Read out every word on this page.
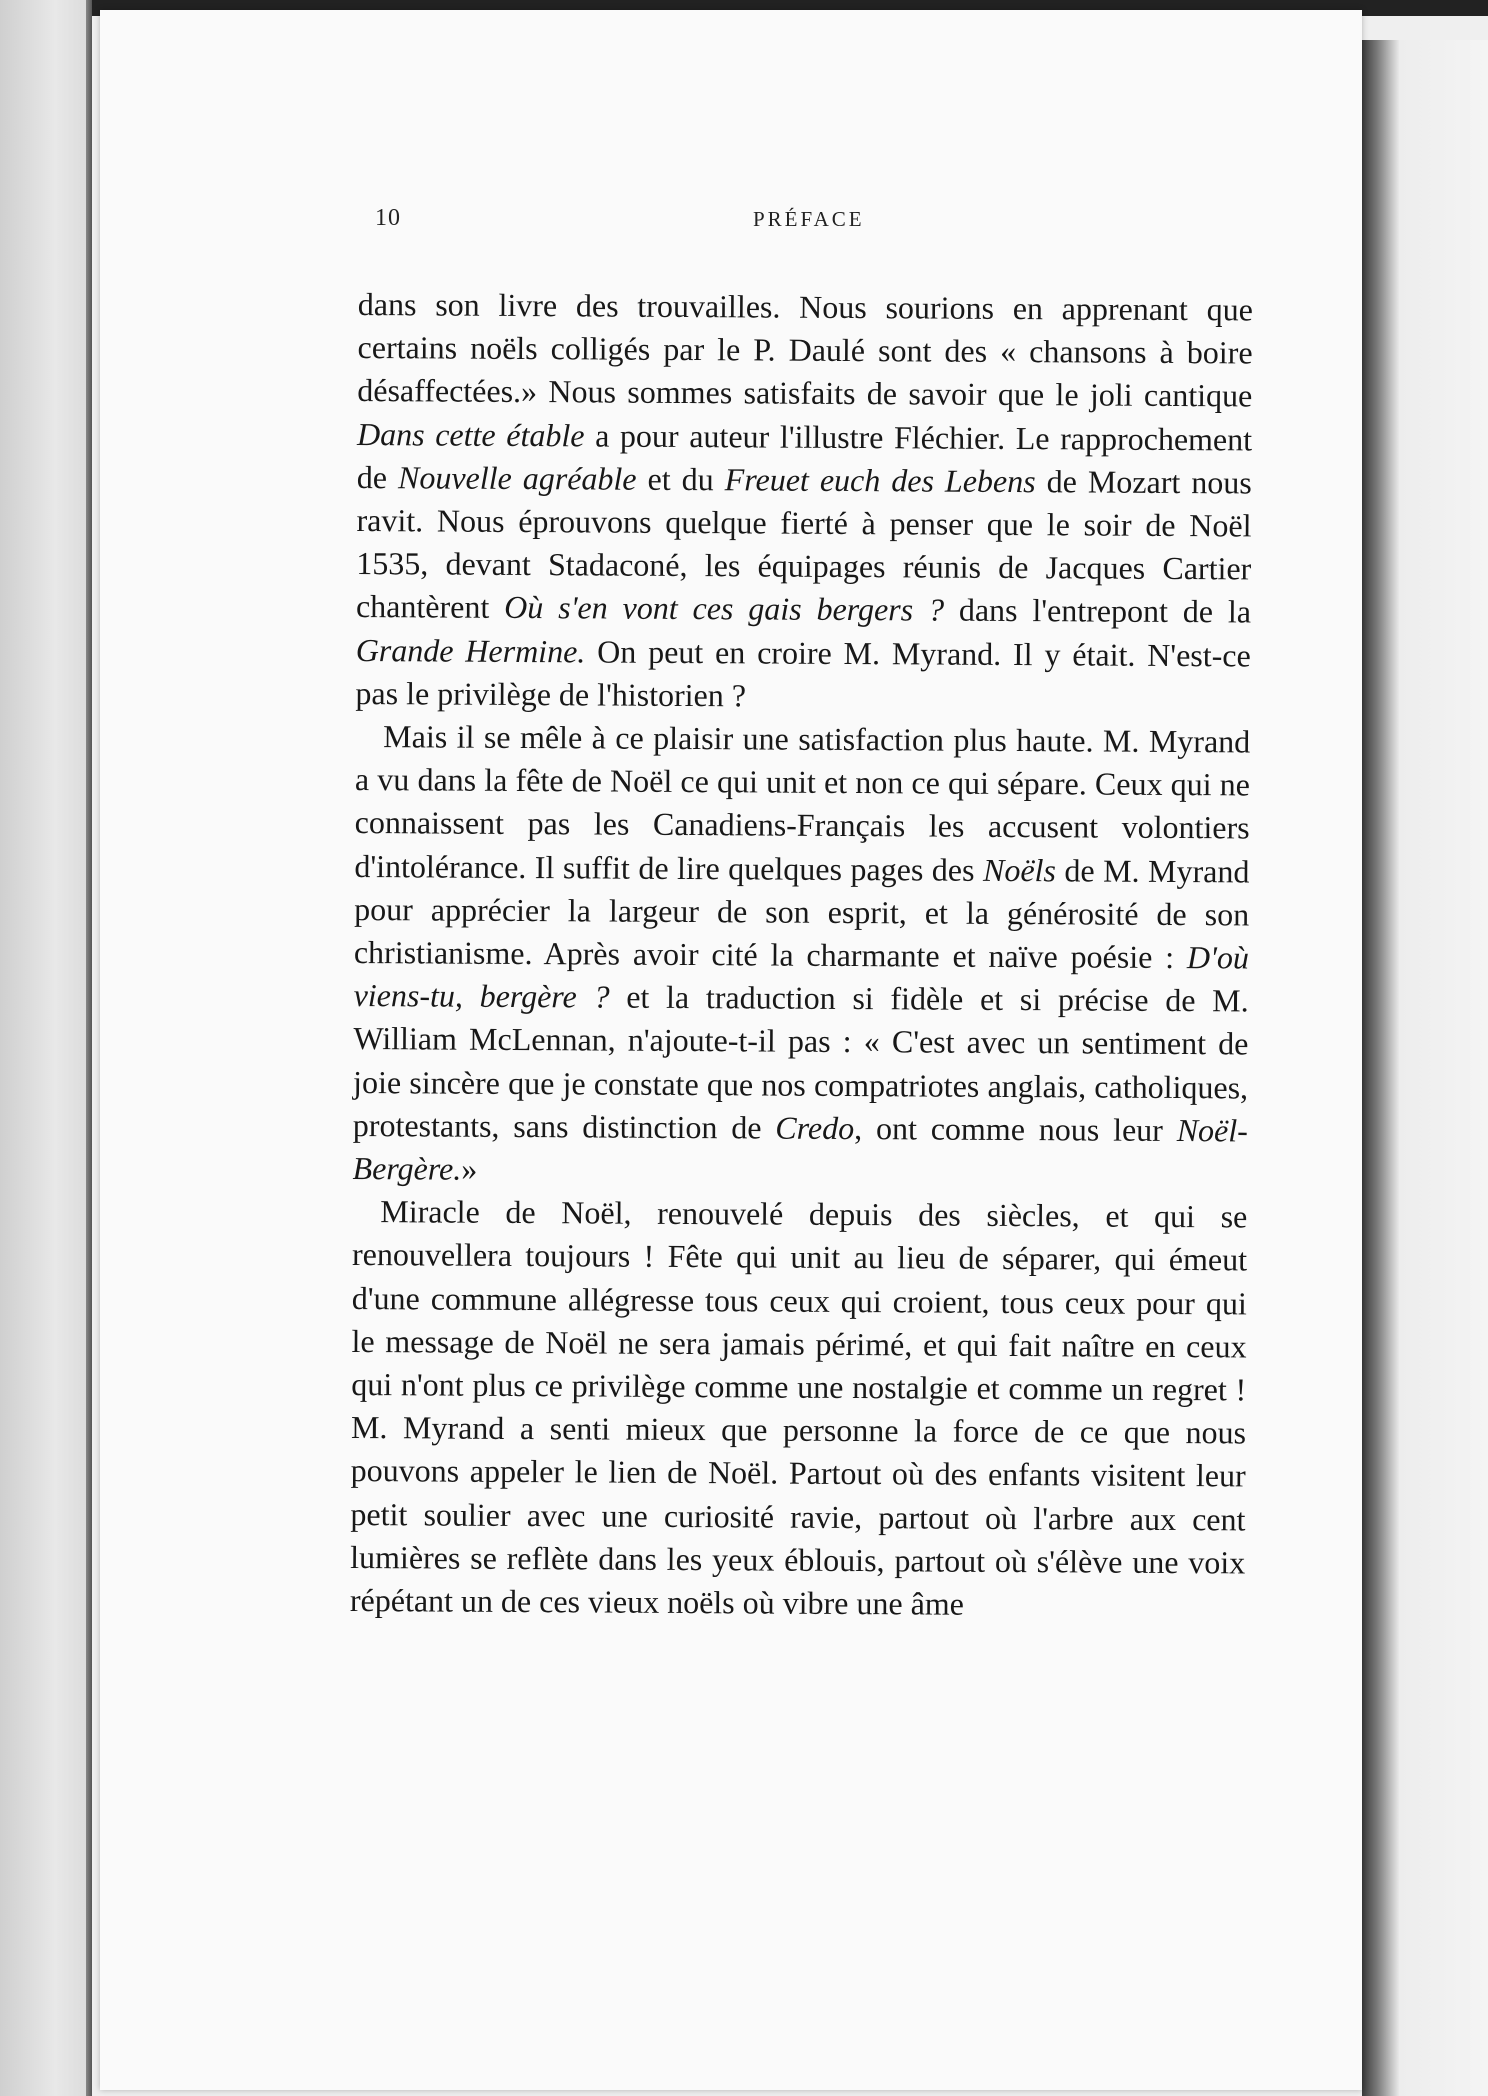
10	PRÉFACE

dans son livre des trouvailles. Nous sourions en apprenant que certains noëls colligés par le P. Daulé sont des « chansons à boire désaffectées.» Nous sommes satisfaits de savoir que le joli cantique Dans cette étable a pour auteur l'illustre Fléchier. Le rapprochement de Nouvelle agréable et du Freuet euch des Lebens de Mozart nous ravit. Nous éprouvons quelque fierté à penser que le soir de Noël 1535, devant Stadaconé, les équipages réunis de Jacques Cartier chantèrent Où s'en vont ces gais bergers ? dans l'entrepont de la Grande Hermine. On peut en croire M. Myrand. Il y était. N'est-ce pas le privilège de l'historien ?

Mais il se mêle à ce plaisir une satisfaction plus haute. M. Myrand a vu dans la fête de Noël ce qui unit et non ce qui sépare. Ceux qui ne connaissent pas les Canadiens-Français les accusent volontiers d'intolérance. Il suffit de lire quelques pages des Noëls de M. Myrand pour apprécier la largeur de son esprit, et la générosité de son christianisme. Après avoir cité la charmante et naïve poésie : D'où viens-tu, bergère ? et la traduction si fidèle et si précise de M. William McLennan, n'ajoute-t-il pas : « C'est avec un sentiment de joie sincère que je constate que nos compatriotes anglais, catholiques, protestants, sans distinction de Credo, ont comme nous leur Noël-Bergère.»

Miracle de Noël, renouvelé depuis des siècles, et qui se renouvellera toujours ! Fête qui unit au lieu de séparer, qui émeut d'une commune allégresse tous ceux qui croient, tous ceux pour qui le message de Noël ne sera jamais périmé, et qui fait naître en ceux qui n'ont plus ce privilège comme une nostalgie et comme un regret ! M. Myrand a senti mieux que personne la force de ce que nous pouvons appeler le lien de Noël. Partout où des enfants visitent leur petit soulier avec une curiosité ravie, partout où l'arbre aux cent lumières se reflète dans les yeux éblouis, partout où s'élève une voix répétant un de ces vieux noëls où vibre une âme
